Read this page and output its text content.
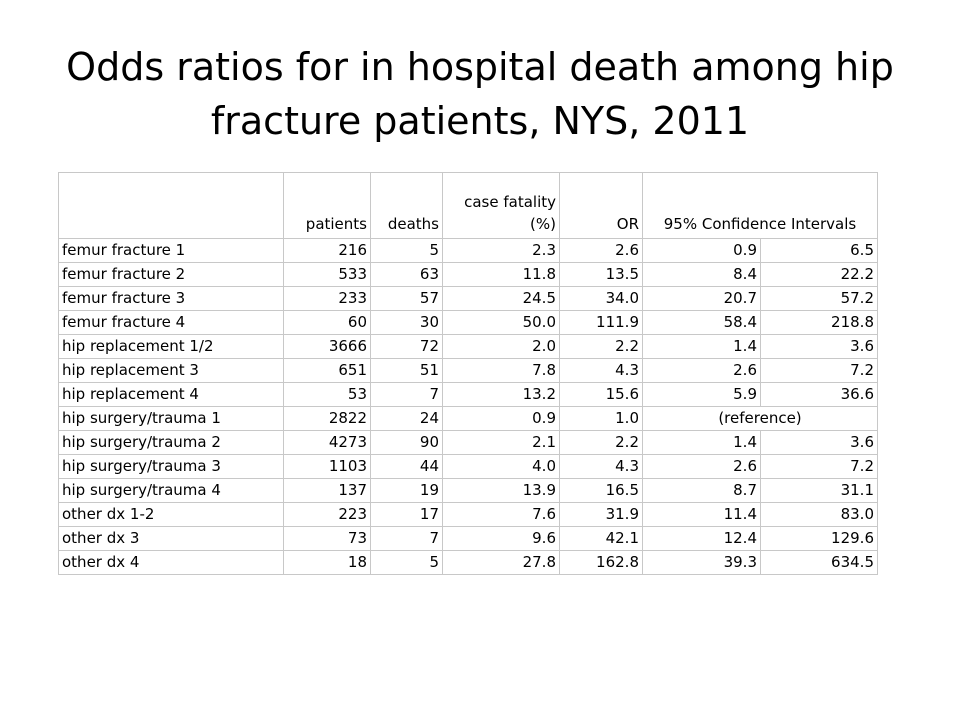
Odds ratios for in hospital death among hip fracture patients, NYS, 2011
	patients	deaths	case fatality (%)	OR	95% Confidence Intervals	
femur fracture 1	216	5	2.3	2.6	0.9	6.5
femur fracture 2	533	63	11.8	13.5	8.4	22.2
femur fracture 3	233	57	24.5	34.0	20.7	57.2
femur fracture 4	60	30	50.0	111.9	58.4	218.8
hip replacement 1/2	3666	72	2.0	2.2	1.4	3.6
hip replacement 3	651	51	7.8	4.3	2.6	7.2
hip replacement 4	53	7	13.2	15.6	5.9	36.6
hip surgery/trauma 1	2822	24	0.9	1.0	(reference)	
hip surgery/trauma 2	4273	90	2.1	2.2	1.4	3.6
hip surgery/trauma 3	1103	44	4.0	4.3	2.6	7.2
hip surgery/trauma 4	137	19	13.9	16.5	8.7	31.1
other dx 1-2	223	17	7.6	31.9	11.4	83.0
other dx 3	73	7	9.6	42.1	12.4	129.6
other dx 4	18	5	27.8	162.8	39.3	634.5
